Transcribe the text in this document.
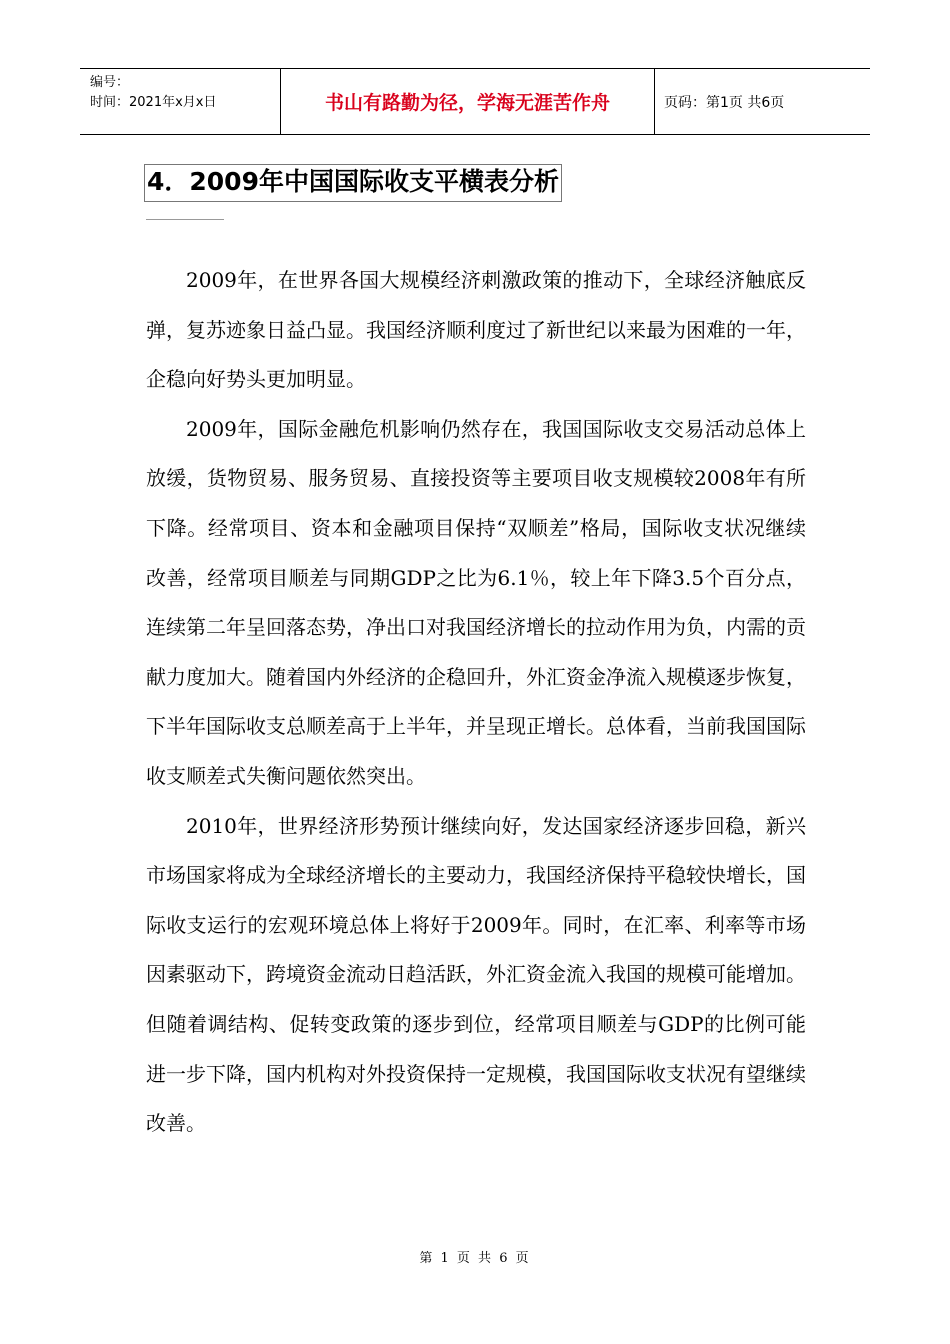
编号：
时间：2021年x月x日	书山有路勤为径，学海无涯苦作舟	页码：第1页 共6页
4．2009年中国国际收支平横表分析

2009年，在世界各国大规模经济刺激政策的推动下，全球经济触底反弹，复苏迹象日益凸显。我国经济顺利度过了新世纪以来最为困难的一年，企稳向好势头更加明显。

2009年，国际金融危机影响仍然存在，我国国际收支交易活动总体上放缓，货物贸易、服务贸易、直接投资等主要项目收支规模较2008年有所下降。经常项目、资本和金融项目保持“双顺差”格局，国际收支状况继续改善，经常项目顺差与同期GDP之比为6.1％，较上年下降3.5个百分点，连续第二年呈回落态势，净出口对我国经济增长的拉动作用为负，内需的贡献力度加大。随着国内外经济的企稳回升，外汇资金净流入规模逐步恢复，下半年国际收支总顺差高于上半年，并呈现正增长。总体看，当前我国国际收支顺差式失衡问题依然突出。

2010年，世界经济形势预计继续向好，发达国家经济逐步回稳，新兴市场国家将成为全球经济增长的主要动力，我国经济保持平稳较快增长，国际收支运行的宏观环境总体上将好于2009年。同时，在汇率、利率等市场因素驱动下，跨境资金流动日趋活跃，外汇资金流入我国的规模可能增加。但随着调结构、促转变政策的逐步到位，经常项目顺差与GDP的比例可能进一步下降，国内机构对外投资保持一定规模，我国国际收支状况有望继续改善。

第 1 页 共 6 页
